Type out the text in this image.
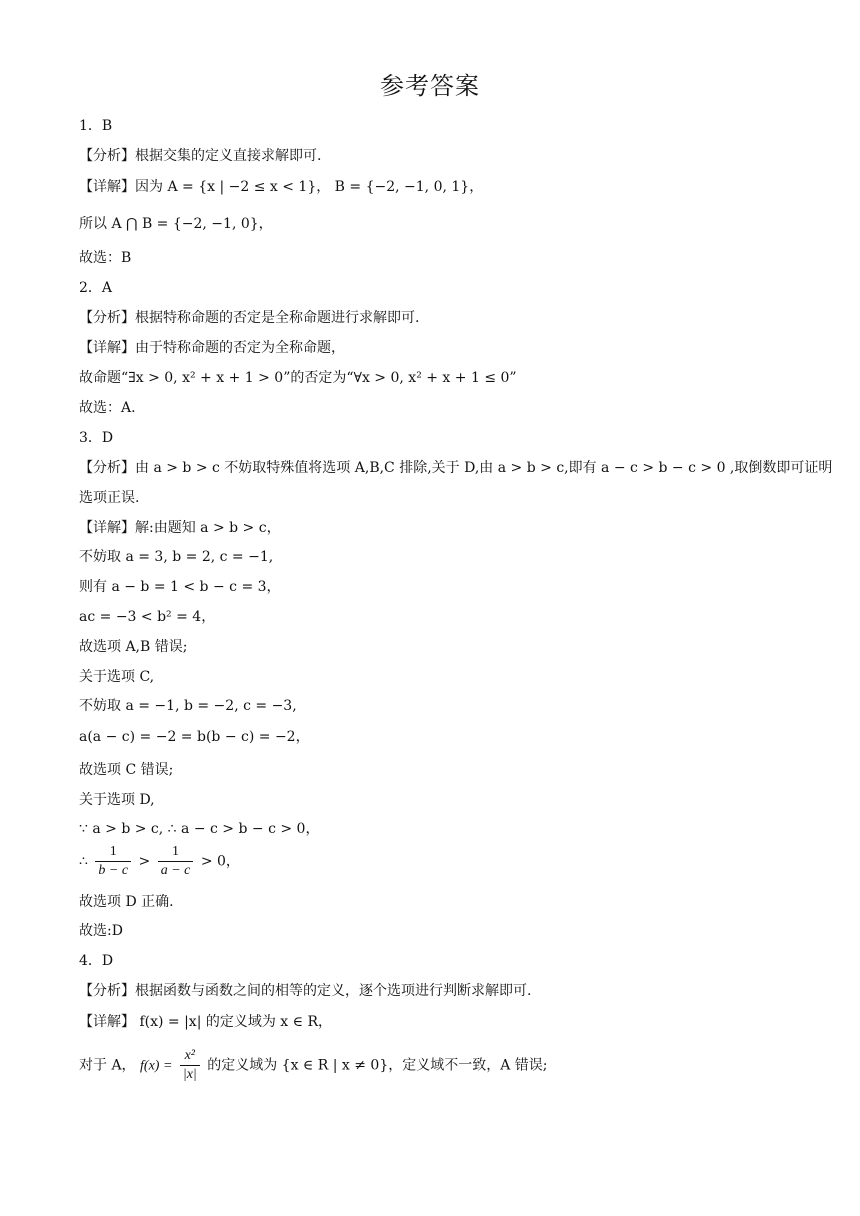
参考答案
1．B
【分析】根据交集的定义直接求解即可.
【详解】因为 A = {x | −2 ≤ x < 1}， B = {−2, −1, 0, 1}，
所以 A ⋂ B = {−2, −1, 0}，
故选：B
2．A
【分析】根据特称命题的否定是全称命题进行求解即可.
【详解】由于特称命题的否定为全称命题，
故命题“∃x > 0, x² + x + 1 > 0”的否定为“∀x > 0, x² + x + 1 ≤ 0”
故选：A.
3．D
【分析】由 a > b > c 不妨取特殊值将选项 A,B,C 排除,关于 D,由 a > b > c,即有 a − c > b − c > 0 ,取倒数即可证明
选项正误.
【详解】解:由题知 a > b > c，
不妨取 a = 3, b = 2, c = −1,
则有 a − b = 1 < b − c = 3，
ac = −3 < b² = 4，
故选项 A,B 错误;
关于选项 C,
不妨取 a = −1, b = −2, c = −3,
a(a − c) = −2 = b(b − c) = −2，
故选项 C 错误;
关于选项 D,
∵ a > b > c, ∴ a − c > b − c > 0，
∴ $\frac{1}{b - c} > \frac{1}{a - c} > 0$，
故选项 D 正确.
故选:D
4．D
【分析】根据函数与函数之间的相等的定义，逐个选项进行判断求解即可.
【详解】 f(x) = |x| 的定义域为 x ∈ R，
对于 A， $f(x) = \frac{\text{x²}}{|x|}$ 的定义域为 {x ∈ R | x ≠ 0}，定义域不一致，A 错误;
